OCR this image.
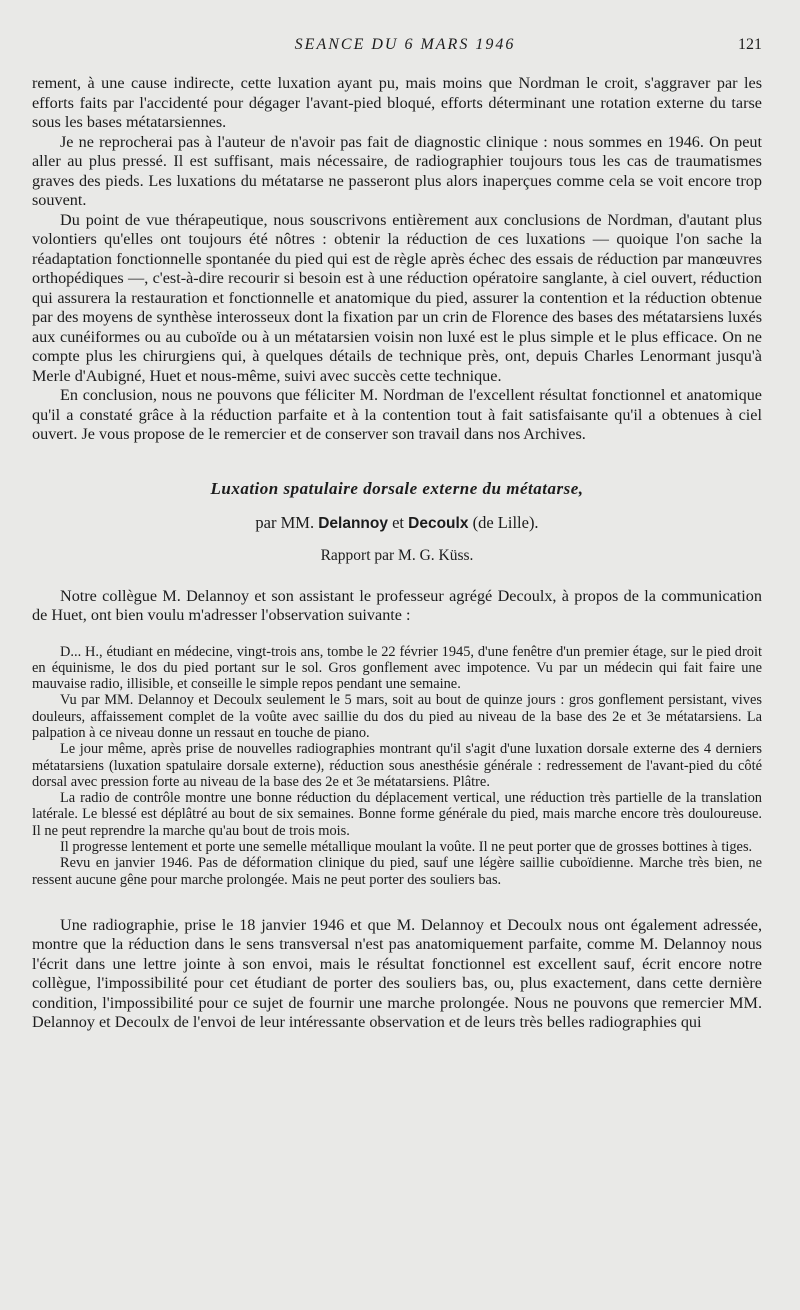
SEANCE DU 6 MARS 1946	121

rement, à une cause indirecte, cette luxation ayant pu, mais moins que Nordman le croit, s'aggraver par les efforts faits par l'accidenté pour dégager l'avant-pied bloqué, efforts déterminant une rotation externe du tarse sous les bases métatarsiennes.

Je ne reprocherai pas à l'auteur de n'avoir pas fait de diagnostic clinique : nous sommes en 1946. On peut aller au plus pressé. Il est suffisant, mais nécessaire, de radiographier toujours tous les cas de traumatismes graves des pieds. Les luxations du métatarse ne passeront plus alors inaperçues comme cela se voit encore trop souvent.

Du point de vue thérapeutique, nous souscrivons entièrement aux conclusions de Nordman, d'autant plus volontiers qu'elles ont toujours été nôtres : obtenir la réduction de ces luxations — quoique l'on sache la réadaptation fonctionnelle spontanée du pied qui est de règle après échec des essais de réduction par manœuvres orthopédiques —, c'est-à-dire recourir si besoin est à une réduction opératoire sanglante, à ciel ouvert, réduction qui assurera la restauration et fonctionnelle et anatomique du pied, assurer la contention et la réduction obtenue par des moyens de synthèse interosseux dont la fixation par un crin de Florence des bases des métatarsiens luxés aux cunéiformes ou au cuboïde ou à un métatarsien voisin non luxé est le plus simple et le plus efficace. On ne compte plus les chirurgiens qui, à quelques détails de technique près, ont, depuis Charles Lenormant jusqu'à Merle d'Aubigné, Huet et nous-même, suivi avec succès cette technique.

En conclusion, nous ne pouvons que féliciter M. Nordman de l'excellent résultat fonctionnel et anatomique qu'il a constaté grâce à la réduction parfaite et à la contention tout à fait satisfaisante qu'il a obtenues à ciel ouvert. Je vous propose de le remercier et de conserver son travail dans nos Archives.

Luxation spatulaire dorsale externe du métatarse,
par MM. Delannoy et Decoulx (de Lille).
Rapport par M. G. Küss.

Notre collègue M. Delannoy et son assistant le professeur agrégé Decoulx, à propos de la communication de Huet, ont bien voulu m'adresser l'observation suivante :

D... H., étudiant en médecine, vingt-trois ans, tombe le 22 février 1945, d'une fenêtre d'un premier étage, sur le pied droit en équinisme, le dos du pied portant sur le sol. Gros gonflement avec impotence. Vu par un médecin qui fait faire une mauvaise radio, illisible, et conseille le simple repos pendant une semaine.

Vu par MM. Delannoy et Decoulx seulement le 5 mars, soit au bout de quinze jours : gros gonflement persistant, vives douleurs, affaissement complet de la voûte avec saillie du dos du pied au niveau de la base des 2e et 3e métatarsiens. La palpation à ce niveau donne un ressaut en touche de piano.

Le jour même, après prise de nouvelles radiographies montrant qu'il s'agit d'une luxation dorsale externe des 4 derniers métatarsiens (luxation spatulaire dorsale externe), réduction sous anesthésie générale : redressement de l'avant-pied du côté dorsal avec pression forte au niveau de la base des 2e et 3e métatarsiens. Plâtre.

La radio de contrôle montre une bonne réduction du déplacement vertical, une réduction très partielle de la translation latérale. Le blessé est déplâtré au bout de six semaines. Bonne forme générale du pied, mais marche encore très douloureuse. Il ne peut reprendre la marche qu'au bout de trois mois.

Il progresse lentement et porte une semelle métallique moulant la voûte. Il ne peut porter que de grosses bottines à tiges.

Revu en janvier 1946. Pas de déformation clinique du pied, sauf une légère saillie cuboïdienne. Marche très bien, ne ressent aucune gêne pour marche prolongée. Mais ne peut porter des souliers bas.

Une radiographie, prise le 18 janvier 1946 et que M. Delannoy et Decoulx nous ont également adressée, montre que la réduction dans le sens transversal n'est pas anatomiquement parfaite, comme M. Delannoy nous l'écrit dans une lettre jointe à son envoi, mais le résultat fonctionnel est excellent sauf, écrit encore notre collègue, l'impossibilité pour cet étudiant de porter des souliers bas, ou, plus exactement, dans cette dernière condition, l'impossibilité pour ce sujet de fournir une marche prolongée. Nous ne pouvons que remercier MM. Delannoy et Decoulx de l'envoi de leur intéressante observation et de leurs très belles radiographies qui
